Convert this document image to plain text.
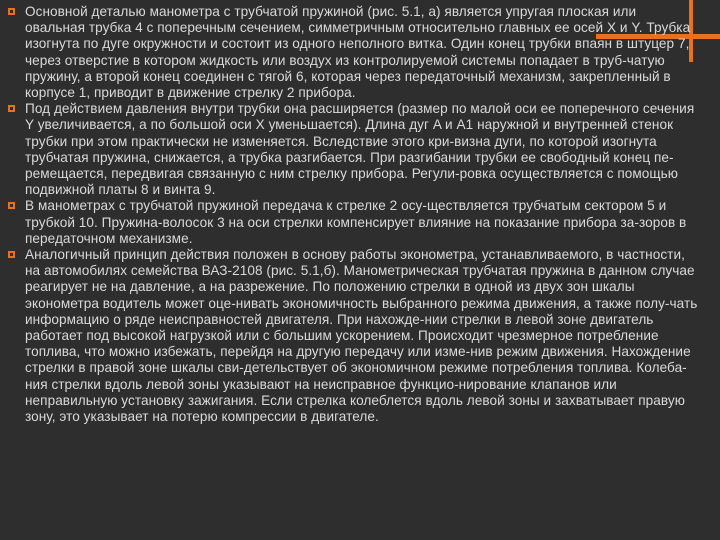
Основной деталью манометра с трубчатой пружиной (рис. 5.1, а) является упругая плоская или овальная трубка 4 с поперечным сечением, симметричным относительно главных ее осей X и Y. Трубка изогнута по дуге окружности и состоит из одного неполного витка. Один конец трубки впаян в штуцер 7, через отверстие в котором жидкость или воздух из контролируемой системы попадает в труб-чатую пружину, а второй конец соединен с тягой 6, которая через передаточный механизм, закрепленный в корпусе 1, приводит в движение стрелку 2 прибора.

Под действием давления внутри трубки она расширяется (размер по малой оси ее поперечного сечения Y увеличивается, а по большой оси X уменьшается). Длина дуг A и A1 наружной и внутренней стенок трубки при этом практически не изменяется. Вследствие этого кри-визна дуги, по которой изогнута трубчатая пружина, снижается, а трубка разгибается. При разгибании трубки ее свободный конец пе-ремещается, передвигая связанную с ним стрелку прибора. Регули-ровка осуществляется с помощью подвижной платы 8 и винта 9.

В манометрах с трубчатой пружиной передача к стрелке 2 осу-ществляется трубчатым сектором 5 и трубкой 10. Пружина-волосок 3 на оси стрелки компенсирует влияние на показание прибора за-зоров в передаточном механизме.

Аналогичный принцип действия положен в основу работы эконометра, устанавливаемого, в частности, на автомобилях семейства ВАЗ-2108 (рис. 5.1,б). Манометрическая трубчатая пружина в данном случае реагирует не на давление, а на разрежение. По положению стрелки в одной из двух зон шкалы эконометра водитель может оце-нивать экономичность выбранного режима движения, а также полу-чать информацию о ряде неисправностей двигателя. При нахожде-нии стрелки в левой зоне двигатель работает под высокой нагрузкой или с большим ускорением. Происходит чрезмерное потребление топлива, что можно избежать, перейдя на другую передачу или изме-нив режим движения. Нахождение стрелки в правой зоне шкалы сви-детельствует об экономичном режиме потребления топлива. Колеба-ния стрелки вдоль левой зоны указывают на неисправное функцио-нирование клапанов или неправильную установку зажигания. Если стрелка колеблется вдоль левой зоны и захватывает правую зону, это указывает на потерю компрессии в двигателе.
